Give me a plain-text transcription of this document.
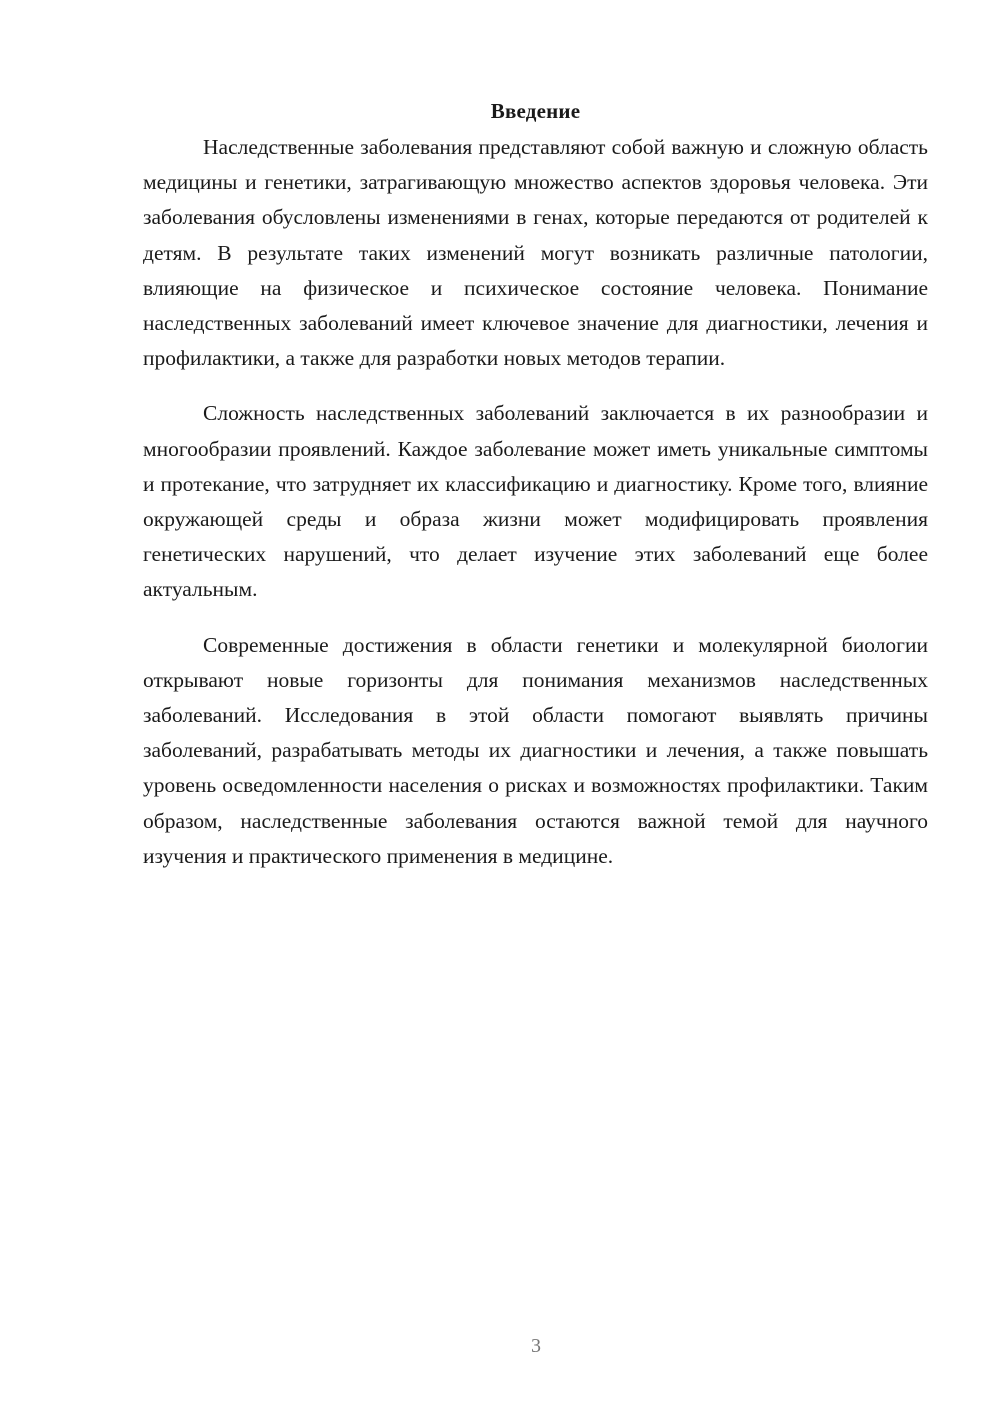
Введение

Наследственные заболевания представляют собой важную и сложную область медицины и генетики, затрагивающую множество аспектов здоровья человека. Эти заболевания обусловлены изменениями в генах, которые передаются от родителей к детям. В результате таких изменений могут возникать различные патологии, влияющие на физическое и психическое состояние человека. Понимание наследственных заболеваний имеет ключевое значение для диагностики, лечения и профилактики, а также для разработки новых методов терапии.

Сложность наследственных заболеваний заключается в их разнообразии и многообразии проявлений. Каждое заболевание может иметь уникальные симптомы и протекание, что затрудняет их классификацию и диагностику. Кроме того, влияние окружающей среды и образа жизни может модифицировать проявления генетических нарушений, что делает изучение этих заболеваний еще более актуальным.

Современные достижения в области генетики и молекулярной биологии открывают новые горизонты для понимания механизмов наследственных заболеваний. Исследования в этой области помогают выявлять причины заболеваний, разрабатывать методы их диагностики и лечения, а также повышать уровень осведомленности населения о рисках и возможностях профилактики. Таким образом, наследственные заболевания остаются важной темой для научного изучения и практического применения в медицине.

3
